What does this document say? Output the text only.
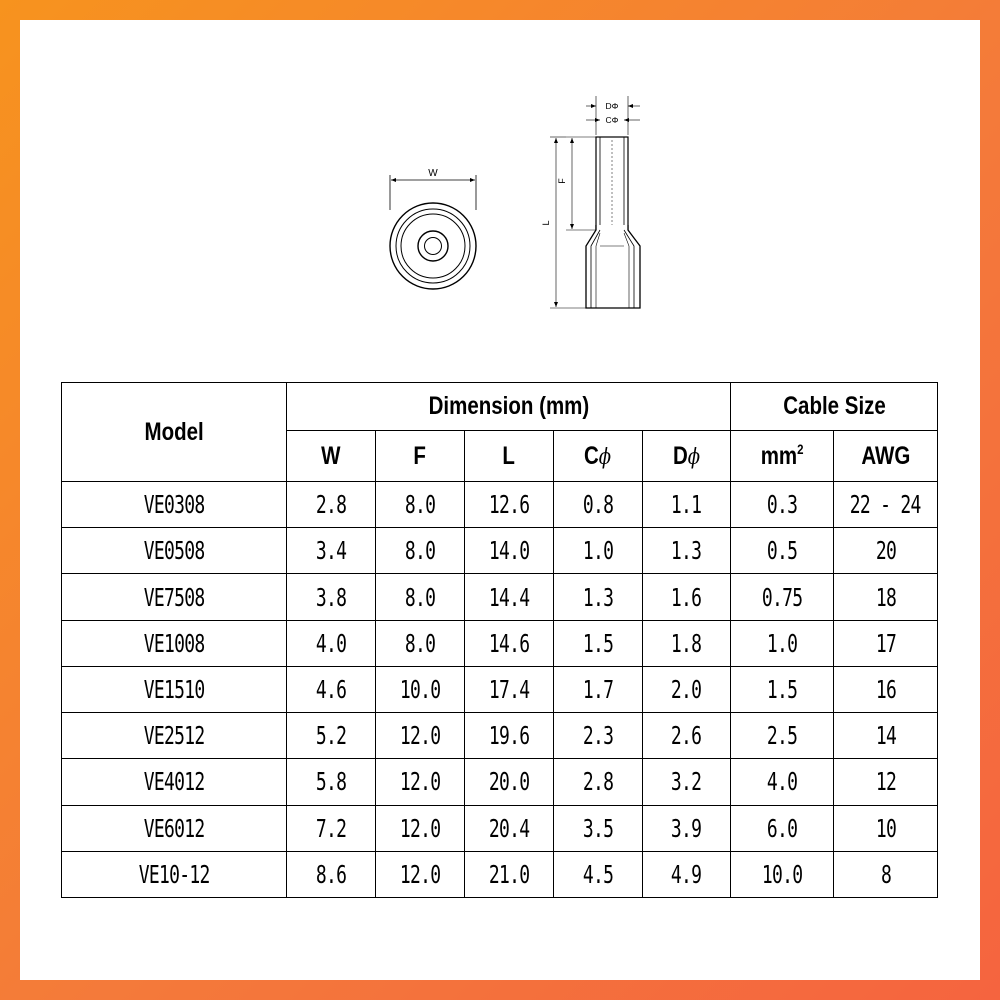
W
DΦ
CΦ
F
L
Model	Dimension (mm)					Cable Size	
	W	F	L	Cϕ	Dϕ	$mm^2$	AWG
VE0308	2.8	8.0	12.6	0.8	1.1	0.3	22 - 24
VE0508	3.4	8.0	14.0	1.0	1.3	0.5	20
VE7508	3.8	8.0	14.4	1.3	1.6	0.75	18
VE1008	4.0	8.0	14.6	1.5	1.8	1.0	17
VE1510	4.6	10.0	17.4	1.7	2.0	1.5	16
VE2512	5.2	12.0	19.6	2.3	2.6	2.5	14
VE4012	5.8	12.0	20.0	2.8	3.2	4.0	12
VE6012	7.2	12.0	20.4	3.5	3.9	6.0	10
VE10-12	8.6	12.0	21.0	4.5	4.9	10.0	8
